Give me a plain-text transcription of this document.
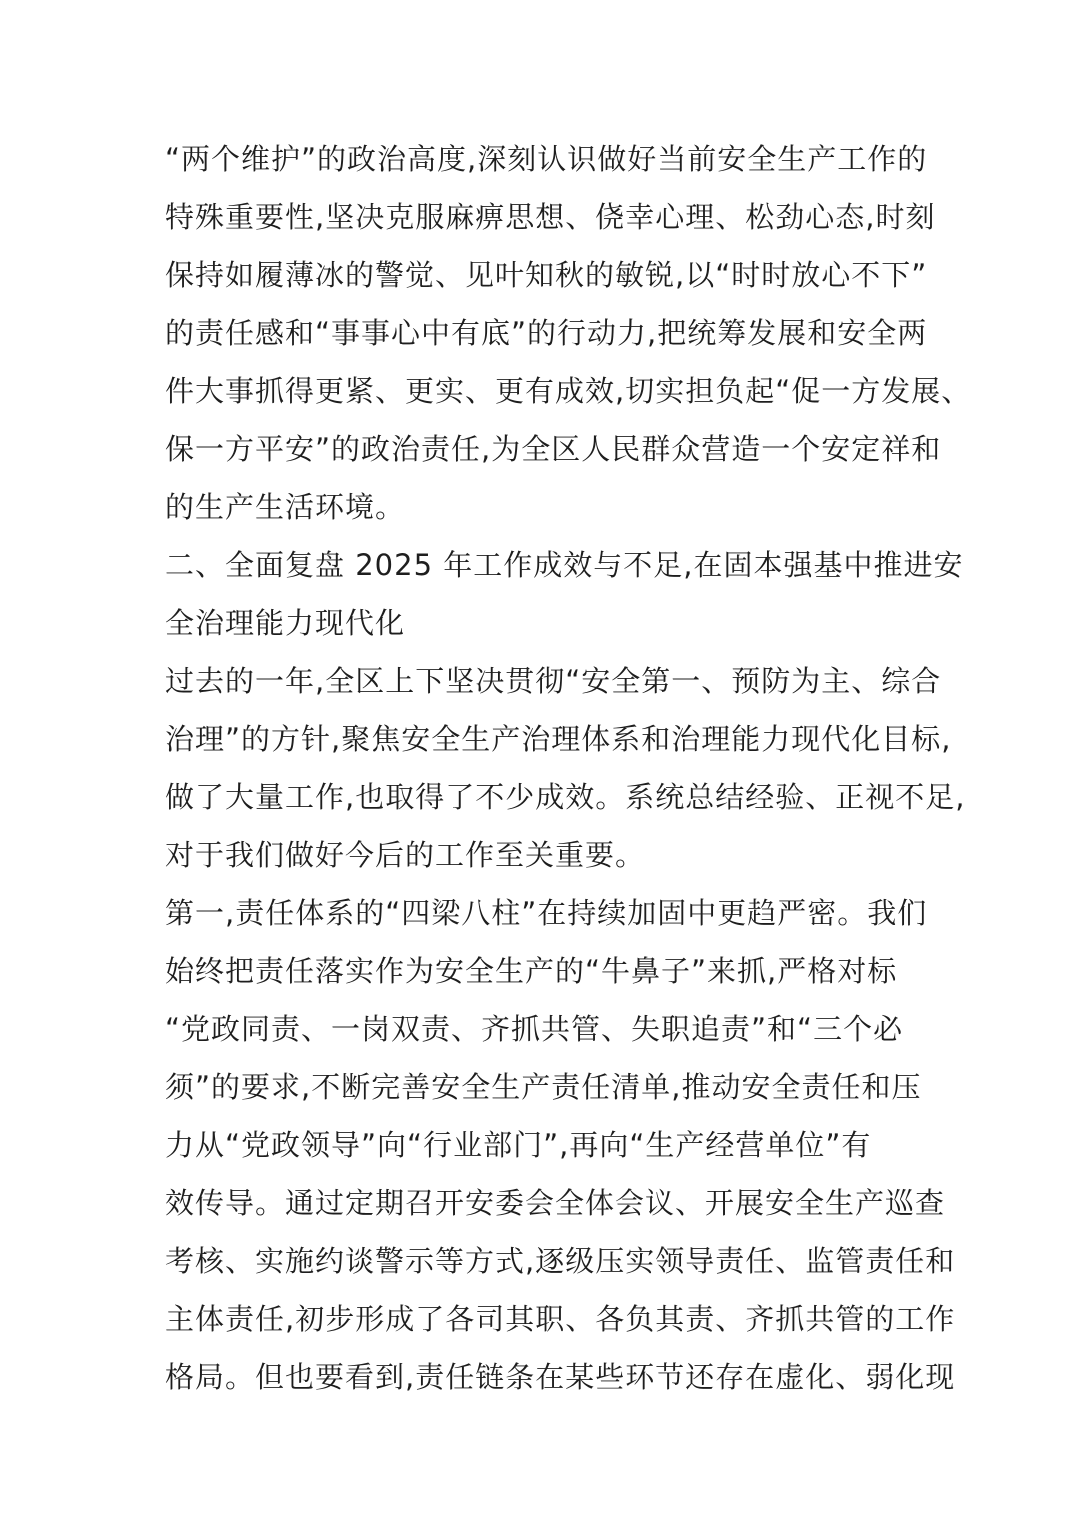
“两个维护”的政治高度,深刻认识做好当前安全生产工作的
特殊重要性,坚决克服麻痹思想、侥幸心理、松劲心态,时刻
保持如履薄冰的警觉、见叶知秋的敏锐,以“时时放心不下”
的责任感和“事事心中有底”的行动力,把统筹发展和安全两
件大事抓得更紧、更实、更有成效,切实担负起“促一方发展、
保一方平安”的政治责任,为全区人民群众营造一个安定祥和
的生产生活环境。
二、全面复盘 2025 年工作成效与不足,在固本强基中推进安
全治理能力现代化
过去的一年,全区上下坚决贯彻“安全第一、预防为主、综合
治理”的方针,聚焦安全生产治理体系和治理能力现代化目标,
做了大量工作,也取得了不少成效。系统总结经验、正视不足,
对于我们做好今后的工作至关重要。
第一,责任体系的“四梁八柱”在持续加固中更趋严密。我们
始终把责任落实作为安全生产的“牛鼻子”来抓,严格对标
“党政同责、一岗双责、齐抓共管、失职追责”和“三个必
须”的要求,不断完善安全生产责任清单,推动安全责任和压
力从“党政领导”向“行业部门”,再向“生产经营单位”有
效传导。通过定期召开安委会全体会议、开展安全生产巡查
考核、实施约谈警示等方式,逐级压实领导责任、监管责任和
主体责任,初步形成了各司其职、各负其责、齐抓共管的工作
格局。但也要看到,责任链条在某些环节还存在虚化、弱化现
